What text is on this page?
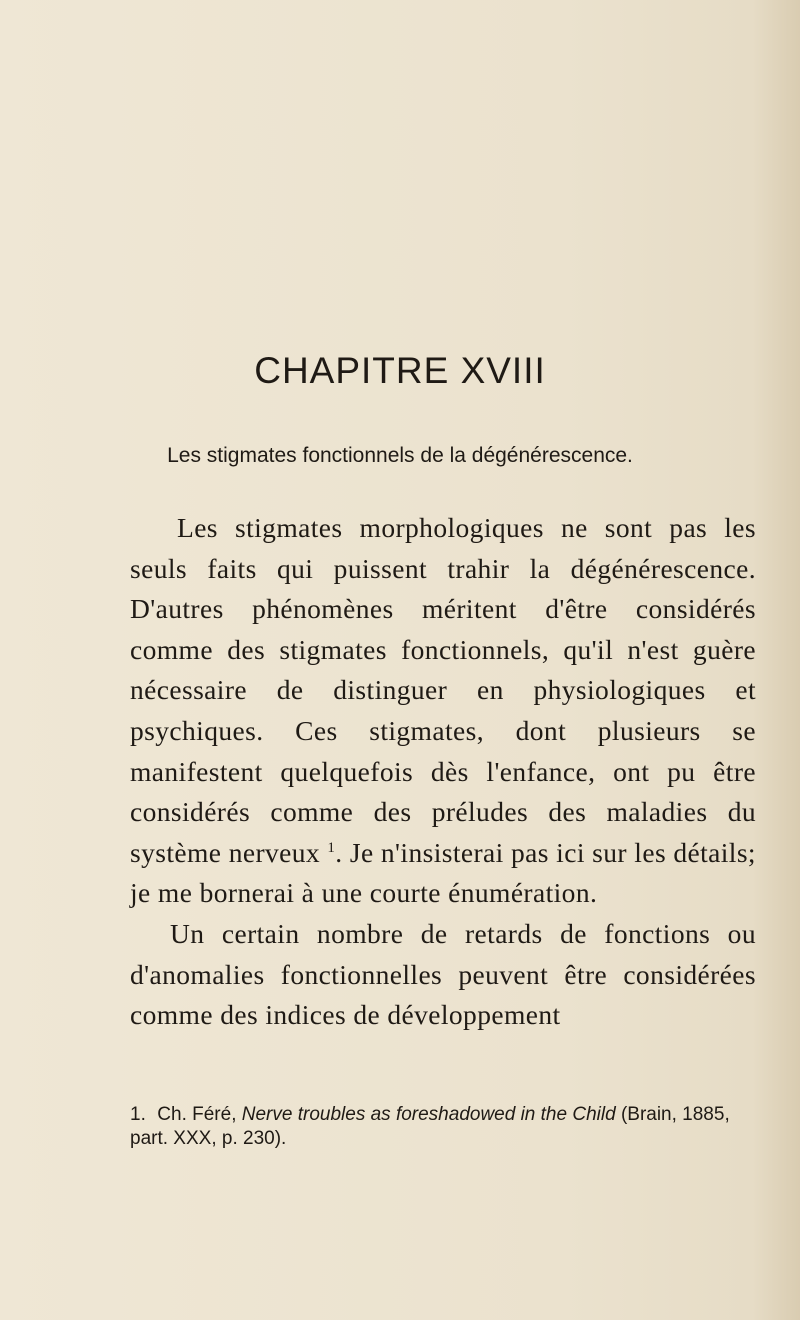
CHAPITRE XVIII
Les stigmates fonctionnels de la dégénérescence.

Les stigmates morphologiques ne sont pas les seuls faits qui puissent trahir la dégénérescence. D'autres phénomènes méritent d'être considérés comme des stigmates fonctionnels, qu'il n'est guère nécessaire de distinguer en physiologiques et psychiques. Ces stigmates, dont plusieurs se manifestent quelquefois dès l'enfance, ont pu être considérés comme des préludes des maladies du système nerveux $^1$. Je n'insisterai pas ici sur les détails; je me bornerai à une courte énumération.

Un certain nombre de retards de fonctions ou d'anomalies fonctionnelles peuvent être considérées comme des indices de développement

1. Ch. Féré, Nerve troubles as foreshadowed in the Child (Brain, 1885, part. XXX, p. 230).
